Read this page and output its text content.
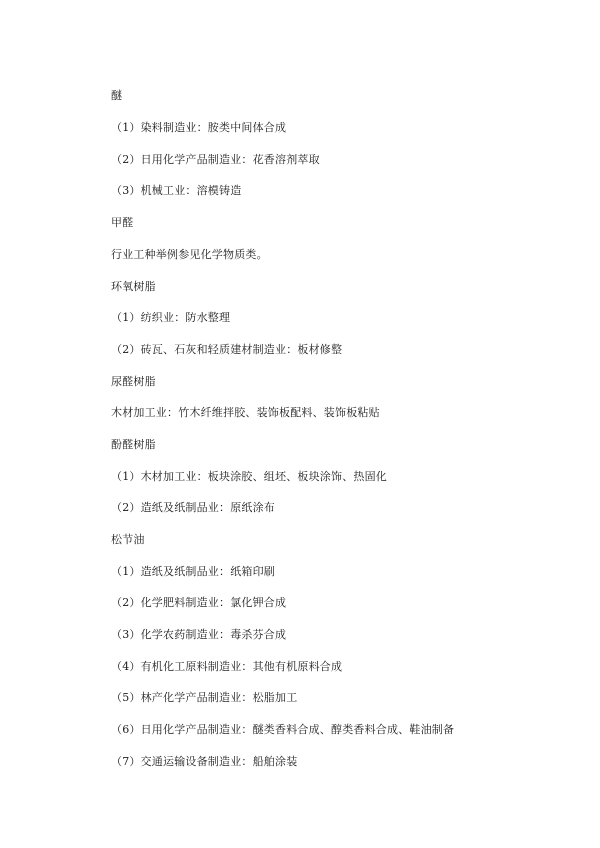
醚
（1）染料制造业：胺类中间体合成
（2）日用化学产品制造业：花香溶剂萃取
（3）机械工业：溶模铸造
甲醛
行业工种举例参见化学物质类。
环氧树脂
（1）纺织业：防水整理
（2）砖瓦、石灰和轻质建材制造业：板材修整
尿醛树脂
木材加工业：竹木纤维拌胶、装饰板配料、装饰板粘贴
酚醛树脂
（1）木材加工业：板块涂胶、组坯、板块涂饰、热固化
（2）造纸及纸制品业：原纸涂布
松节油
（1）造纸及纸制品业：纸箱印刷
（2）化学肥料制造业：氯化钾合成
（3）化学农药制造业：毒杀芬合成
（4）有机化工原料制造业：其他有机原料合成
（5）林产化学产品制造业：松脂加工
（6）日用化学产品制造业：醚类香料合成、醇类香料合成、鞋油制备
（7）交通运输设备制造业：船舶涂装
